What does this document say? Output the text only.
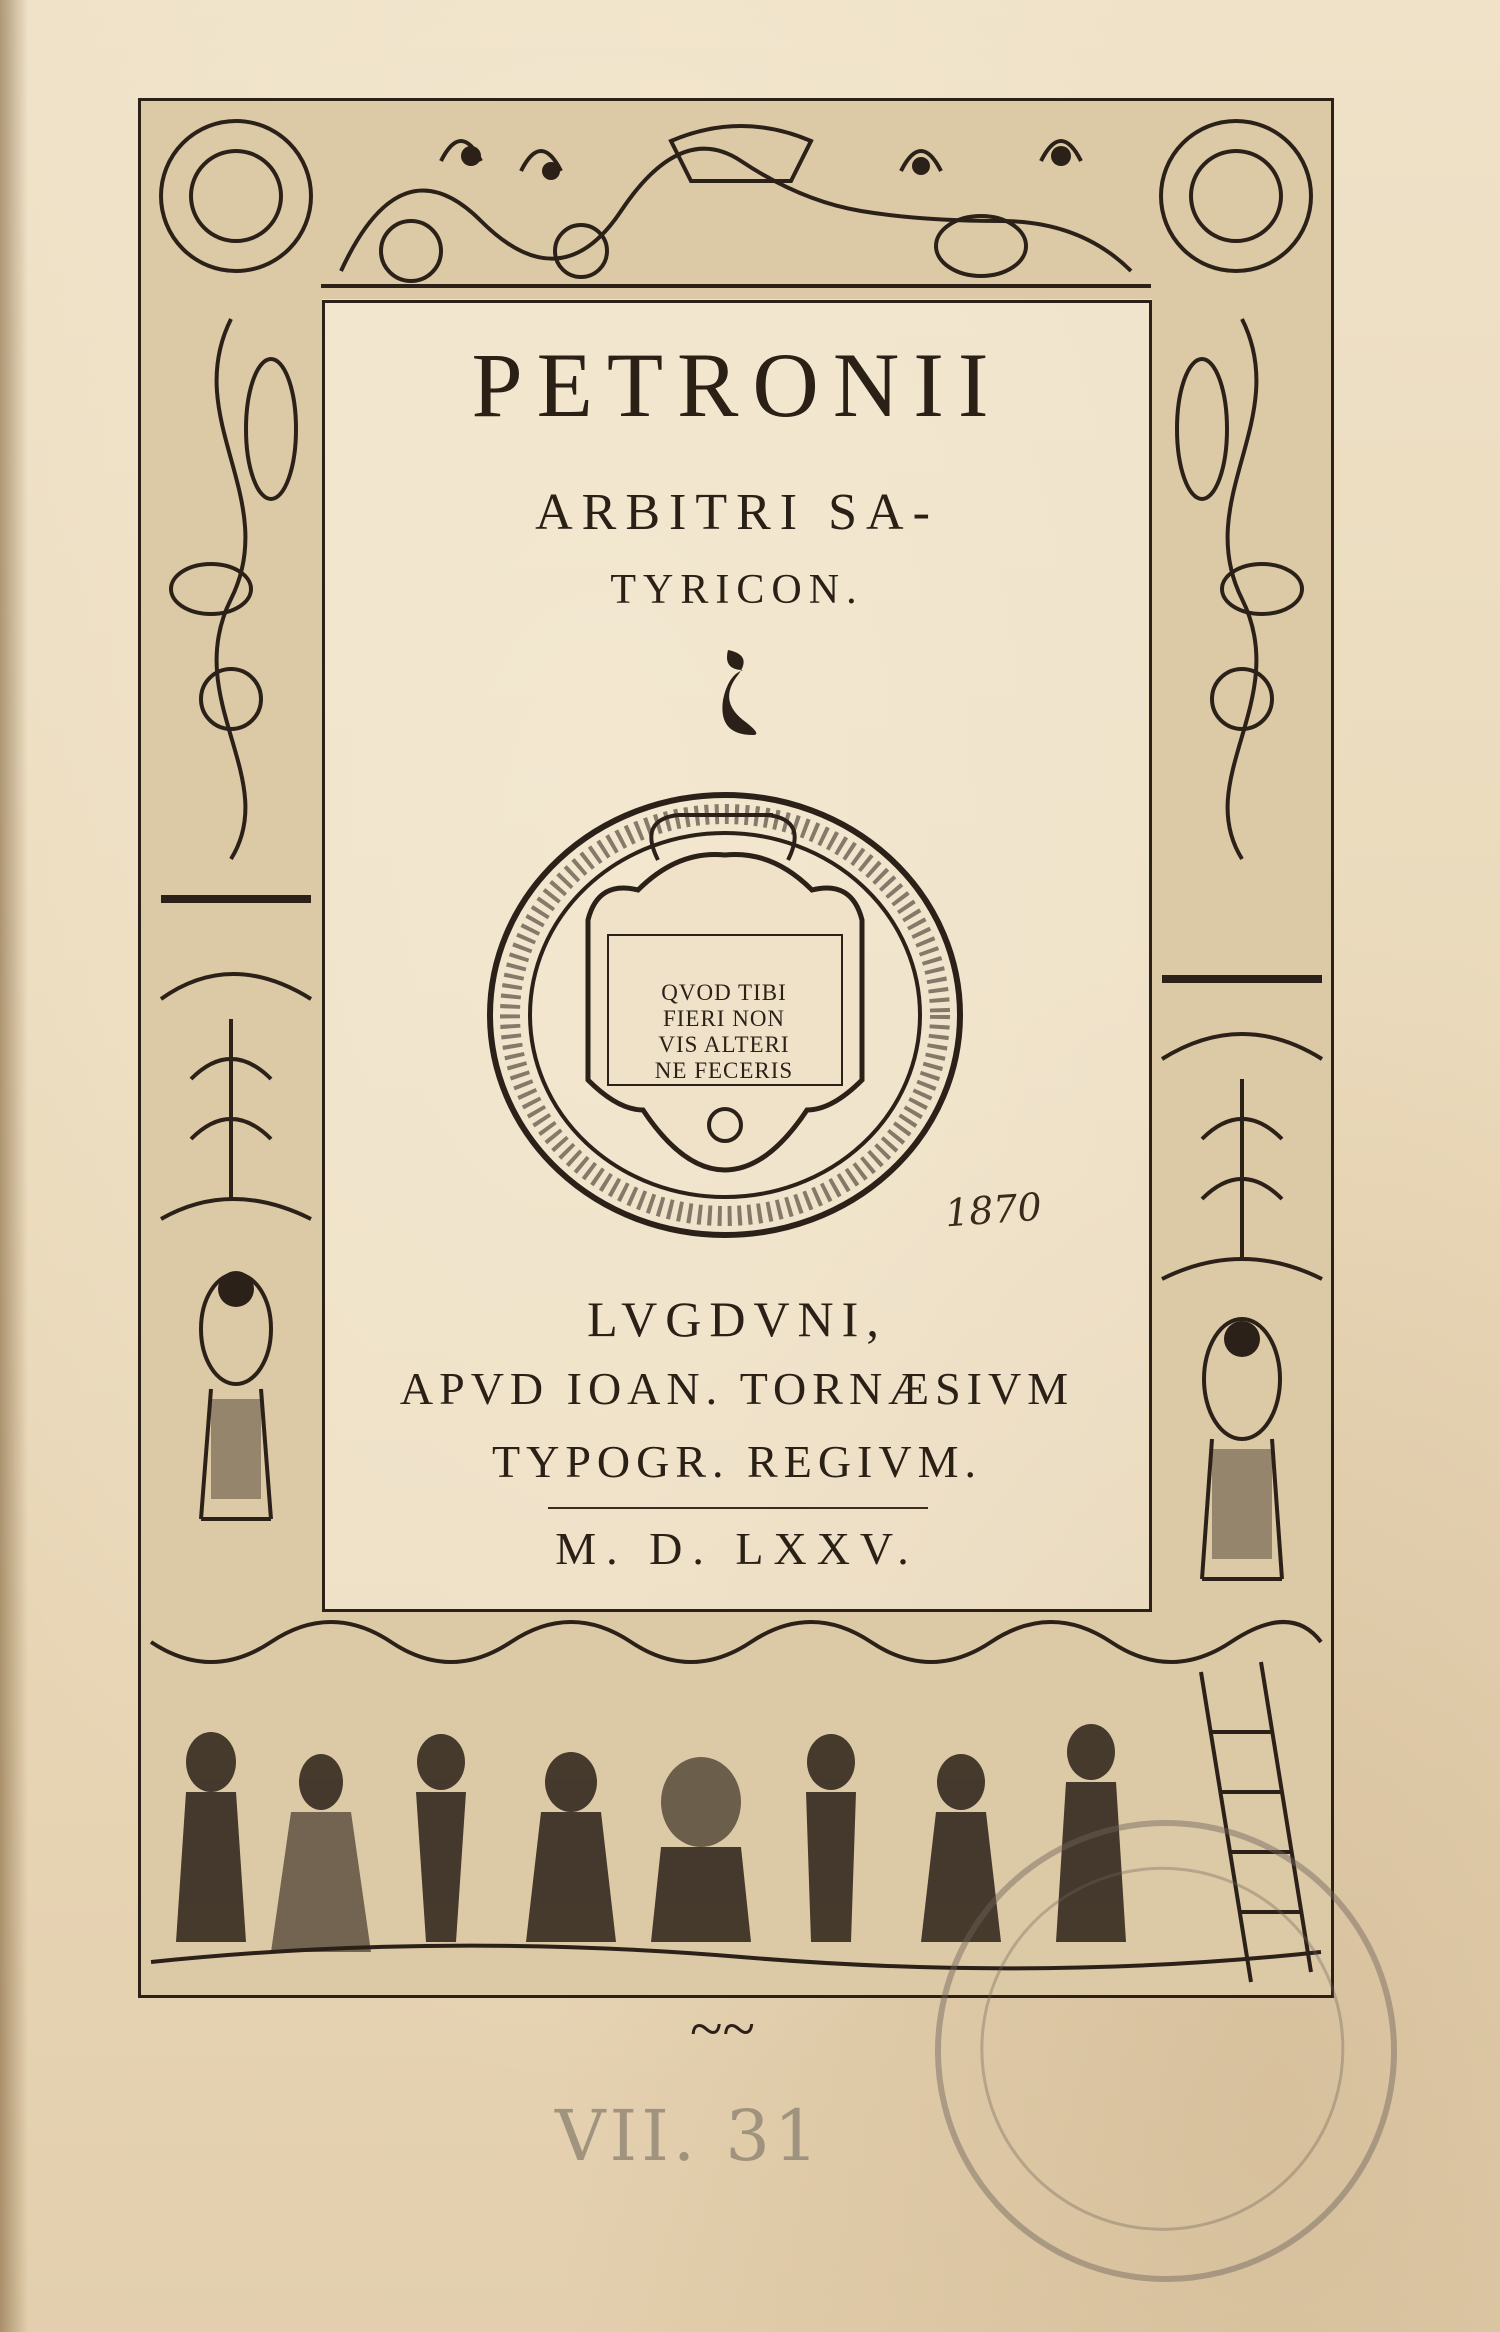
PETRONII
ARBITRI SA-
TYRICON.
QVOD TIBI
FIERI NON
VIS ALTERI
NE FECERIS
1870
LVGDVNI,
APVD IOAN. TORNÆSIVM
TYPOGR. REGIVM.
M. D. LXXV.
~~
VII. 31
